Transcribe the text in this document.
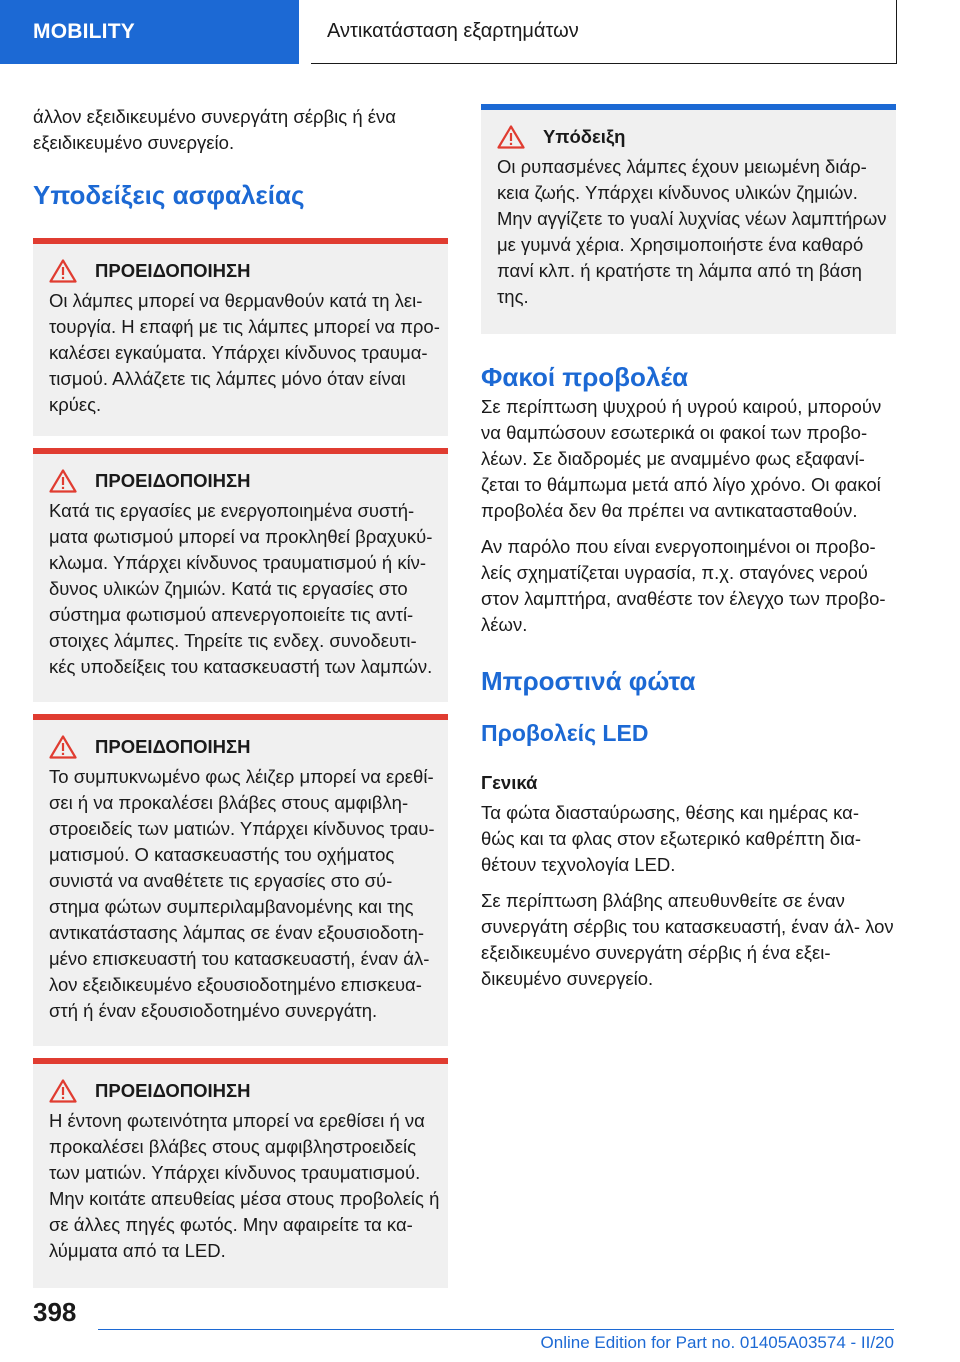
MOBILITY	Αντικατάσταση εξαρτημάτων

άλλον εξειδικευμένο συνεργάτη σέρβις ή ένα εξειδικευμένο συνεργείο.

Υποδείξεις ασφαλείας
ΠΡΟΕΙΔΟΠΟΙΗΣΗ
Οι λάμπες μπορεί να θερμανθούν κατά τη λει- τουργία. Η επαφή με τις λάμπες μπορεί να προ- καλέσει εγκαύματα. Υπάρχει κίνδυνος τραυμα- τισμού. Αλλάζετε τις λάμπες μόνο όταν είναι κρύες.
ΠΡΟΕΙΔΟΠΟΙΗΣΗ
Κατά τις εργασίες με ενεργοποιημένα συστή- ματα φωτισμού μπορεί να προκληθεί βραχυκύ- κλωμα. Υπάρχει κίνδυνος τραυματισμού ή κίν- δυνος υλικών ζημιών. Κατά τις εργασίες στο σύστημα φωτισμού απενεργοποιείτε τις αντί- στοιχες λάμπες. Τηρείτε τις ενδεχ. συνοδευτι- κές υποδείξεις του κατασκευαστή των λαμπών.
ΠΡΟΕΙΔΟΠΟΙΗΣΗ
Το συμπυκνωμένο φως λέιζερ μπορεί να ερεθί- σει ή να προκαλέσει βλάβες στους αμφιβλη- στροειδείς των ματιών. Υπάρχει κίνδυνος τραυ- ματισμού. Ο κατασκευαστής του οχήματος συνιστά να αναθέτετε τις εργασίες στο σύ- στημα φώτων συμπεριλαμβανομένης και της αντικατάστασης λάμπας σε έναν εξουσιοδοτη- μένο επισκευαστή του κατασκευαστή, έναν άλ- λον εξειδικευμένο εξουσιοδοτημένο επισκευα- στή ή έναν εξουσιοδοτημένο συνεργάτη.
ΠΡΟΕΙΔΟΠΟΙΗΣΗ
Η έντονη φωτεινότητα μπορεί να ερεθίσει ή να προκαλέσει βλάβες στους αμφιβληστροειδείς των ματιών. Υπάρχει κίνδυνος τραυματισμού. Μην κοιτάτε απευθείας μέσα στους προβολείς ή σε άλλες πηγές φωτός. Μην αφαιρείτε τα κα- λύμματα από τα LED.
Υπόδειξη
Οι ρυπασμένες λάμπες έχουν μειωμένη διάρ- κεια ζωής. Υπάρχει κίνδυνος υλικών ζημιών. Μην αγγίζετε το γυαλί λυχνίας νέων λαμπτήρων με γυμνά χέρια. Χρησιμοποιήστε ένα καθαρό πανί κλπ. ή κρατήστε τη λάμπα από τη βάση της.
Φακοί προβολέα

Σε περίπτωση ψυχρού ή υγρού καιρού, μπορούν να θαμπώσουν εσωτερικά οι φακοί των προβο- λέων. Σε διαδρομές με αναμμένο φως εξαφανί- ζεται το θάμπωμα μετά από λίγο χρόνο. Οι φακοί προβολέα δεν θα πρέπει να αντικατασταθούν.

Αν παρόλο που είναι ενεργοποιημένοι οι προβο- λείς σχηματίζεται υγρασία, π.χ. σταγόνες νερού στον λαμπτήρα, αναθέστε τον έλεγχο των προβο- λέων.

Μπροστινά φώτα
Προβολείς LED
Γενικά

Τα φώτα διασταύρωσης, θέσης και ημέρας κα- θώς και τα φλας στον εξωτερικό καθρέπτη δια- θέτουν τεχνολογία LED.

Σε περίπτωση βλάβης απευθυνθείτε σε έναν συνεργάτη σέρβις του κατασκευαστή, έναν άλ- λον εξειδικευμένο συνεργάτη σέρβις ή ένα εξει- δικευμένο συνεργείο.

398
Online Edition for Part no. 01405A03574 - II/20
